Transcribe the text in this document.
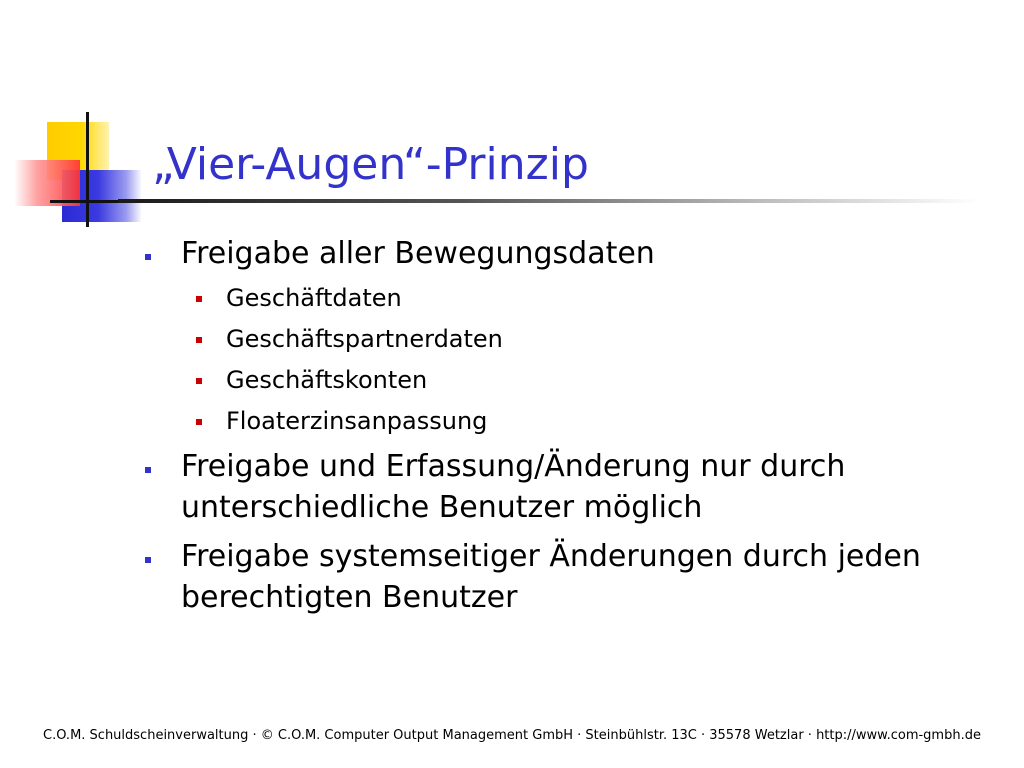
„Vier-Augen“-Prinzip
Freigabe aller Bewegungsdaten
Geschäftdaten
Geschäftspartnerdaten
Geschäftskonten
Floaterzinsanpassung
Freigabe und Erfassung/Änderung nur durch
unterschiedliche Benutzer möglich
Freigabe systemseitiger Änderungen durch jeden
berechtigten Benutzer
C.O.M. Schuldscheinverwaltung · © C.O.M. Computer Output Management GmbH · Steinbühlstr. 13C · 35578 Wetzlar · http://www.com-gmbh.de
